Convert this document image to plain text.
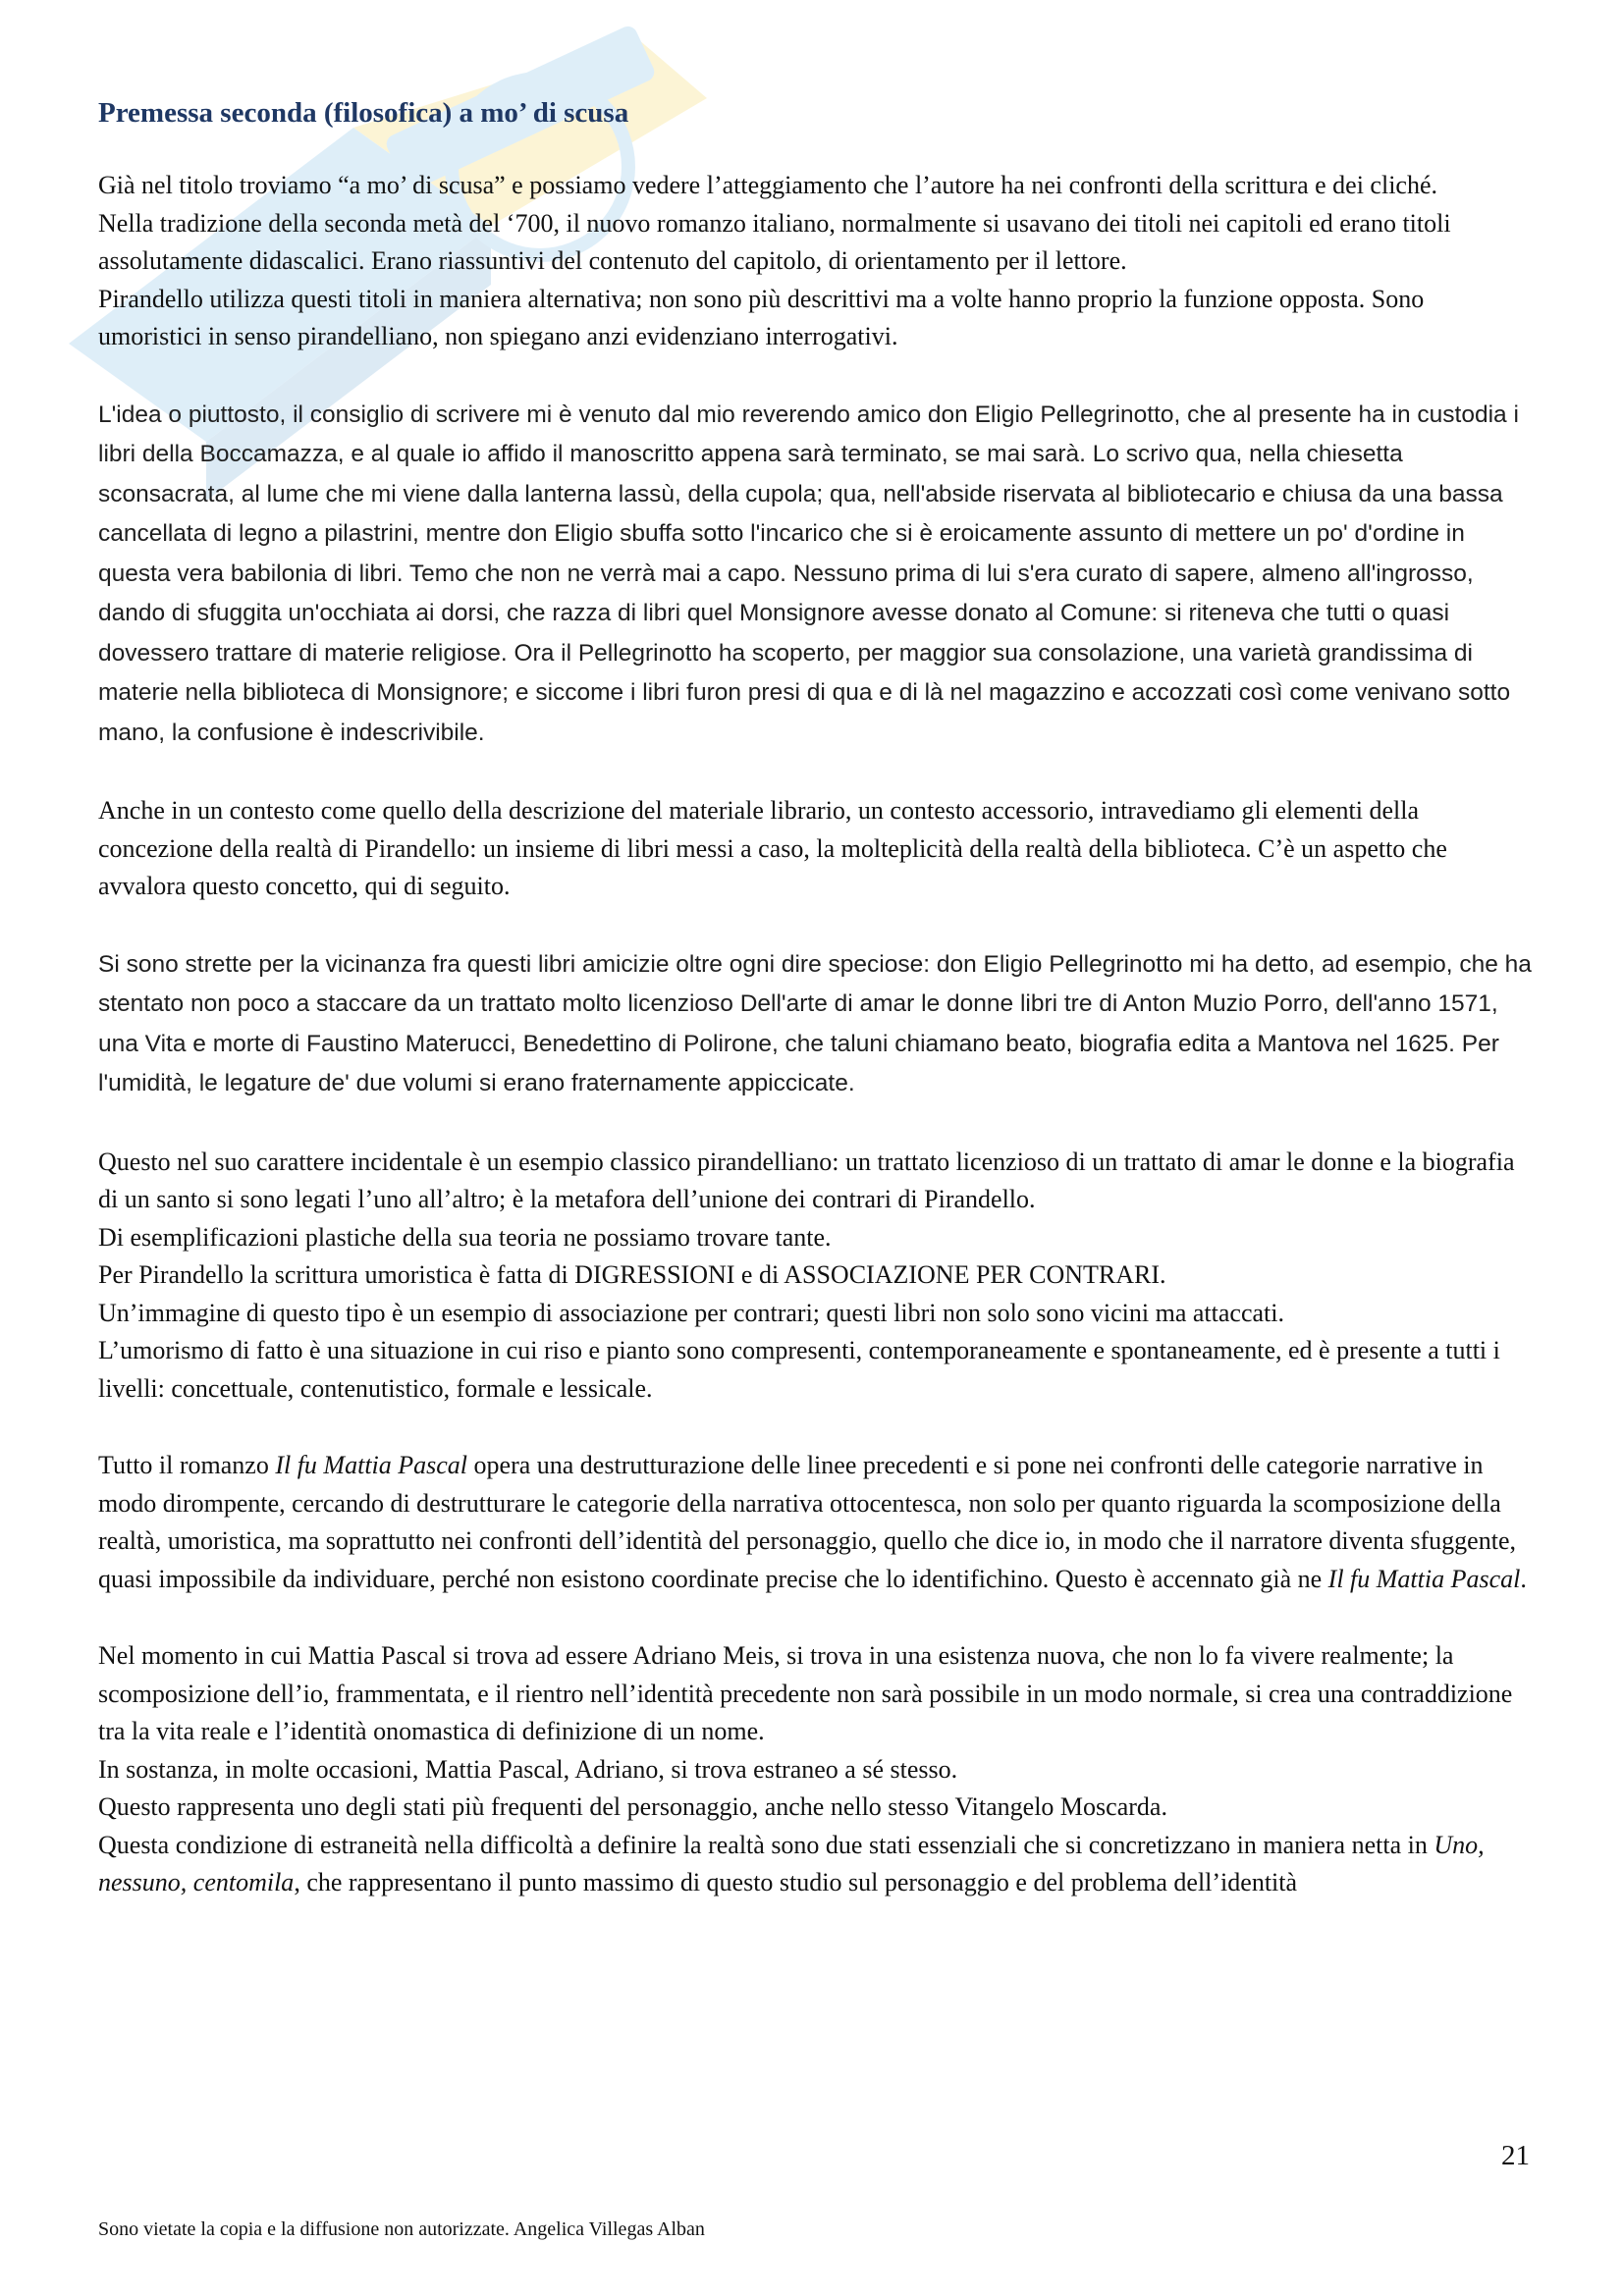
Premessa seconda (filosofica) a mo’ di scusa

Già nel titolo troviamo “a mo’ di scusa” e possiamo vedere l’atteggiamento che l’autore ha nei confronti della scrittura e dei cliché.

Nella tradizione della seconda metà del ‘700, il nuovo romanzo italiano, normalmente si usavano dei titoli nei capitoli ed erano titoli assolutamente didascalici. Erano riassuntivi del contenuto del capitolo, di orientamento per il lettore.

Pirandello utilizza questi titoli in maniera alternativa; non sono più descrittivi ma a volte hanno proprio la funzione opposta. Sono umoristici in senso pirandelliano, non spiegano anzi evidenziano interrogativi.

L'idea o piuttosto, il consiglio di scrivere mi è venuto dal mio reverendo amico don Eligio Pellegrinotto, che al presente ha in custodia i libri della Boccamazza, e al quale io affido il manoscritto appena sarà terminato, se mai sarà. Lo scrivo qua, nella chiesetta sconsacrata, al lume che mi viene dalla lanterna lassù, della cupola; qua, nell'abside riservata al bibliotecario e chiusa da una bassa cancellata di legno a pilastrini, mentre don Eligio sbuffa sotto l'incarico che si è eroicamente assunto di mettere un po' d'ordine in questa vera babilonia di libri. Temo che non ne verrà mai a capo. Nessuno prima di lui s'era curato di sapere, almeno all'ingrosso, dando di sfuggita un'occhiata ai dorsi, che razza di libri quel Monsignore avesse donato al Comune: si riteneva che tutti o quasi dovessero trattare di materie religiose. Ora il Pellegrinotto ha scoperto, per maggior sua consolazione, una varietà grandissima di materie nella biblioteca di Monsignore; e siccome i libri furon presi di qua e di là nel magazzino e accozzati così come venivano sotto mano, la confusione è indescrivibile.

Anche in un contesto come quello della descrizione del materiale librario, un contesto accessorio, intravediamo gli elementi della concezione della realtà di Pirandello: un insieme di libri messi a caso, la molteplicità della realtà della biblioteca. C’è un aspetto che avvalora questo concetto, qui di seguito.

Si sono strette per la vicinanza fra questi libri amicizie oltre ogni dire speciose: don Eligio Pellegrinotto mi ha detto, ad esempio, che ha stentato non poco a staccare da un trattato molto licenzioso Dell'arte di amar le donne libri tre di Anton Muzio Porro, dell'anno 1571, una Vita e morte di Faustino Materucci, Benedettino di Polirone, che taluni chiamano beato, biografia edita a Mantova nel 1625. Per l'umidità, le legature de' due volumi si erano fraternamente appiccicate.

Questo nel suo carattere incidentale è un esempio classico pirandelliano: un trattato licenzioso di un trattato di amar le donne e la biografia di un santo si sono legati l’uno all’altro; è la metafora dell’unione dei contrari di Pirandello.

Di esemplificazioni plastiche della sua teoria ne possiamo trovare tante.

Per Pirandello la scrittura umoristica è fatta di DIGRESSIONI e di ASSOCIAZIONE PER CONTRARI.

Un’immagine di questo tipo è un esempio di associazione per contrari; questi libri non solo sono vicini ma attaccati.

L’umorismo di fatto è una situazione in cui riso e pianto sono compresenti, contemporaneamente e spontaneamente, ed è presente a tutti i livelli: concettuale, contenutistico, formale e lessicale.

Tutto il romanzo Il fu Mattia Pascal opera una destrutturazione delle linee precedenti e si pone nei confronti delle categorie narrative in modo dirompente, cercando di destrutturare le categorie della narrativa ottocentesca, non solo per quanto riguarda la scomposizione della realtà, umoristica, ma soprattutto nei confronti dell’identità del personaggio, quello che dice io, in modo che il narratore diventa sfuggente, quasi impossibile da individuare, perché non esistono coordinate precise che lo identifichino. Questo è accennato già ne Il fu Mattia Pascal.

Nel momento in cui Mattia Pascal si trova ad essere Adriano Meis, si trova in una esistenza nuova, che non lo fa vivere realmente; la scomposizione dell’io, frammentata, e il rientro nell’identità precedente non sarà possibile in un modo normale, si crea una contraddizione tra la vita reale e l’identità onomastica di definizione di un nome.

In sostanza, in molte occasioni, Mattia Pascal, Adriano, si trova estraneo a sé stesso.

Questo rappresenta uno degli stati più frequenti del personaggio, anche nello stesso Vitangelo Moscarda.

Questa condizione di estraneità nella difficoltà a definire la realtà sono due stati essenziali che si concretizzano in maniera netta in Uno, nessuno, centomila, che rappresentano il punto massimo di questo studio sul personaggio e del problema dell’identità

21
Sono vietate la copia e la diffusione non autorizzate. Angelica Villegas Alban
